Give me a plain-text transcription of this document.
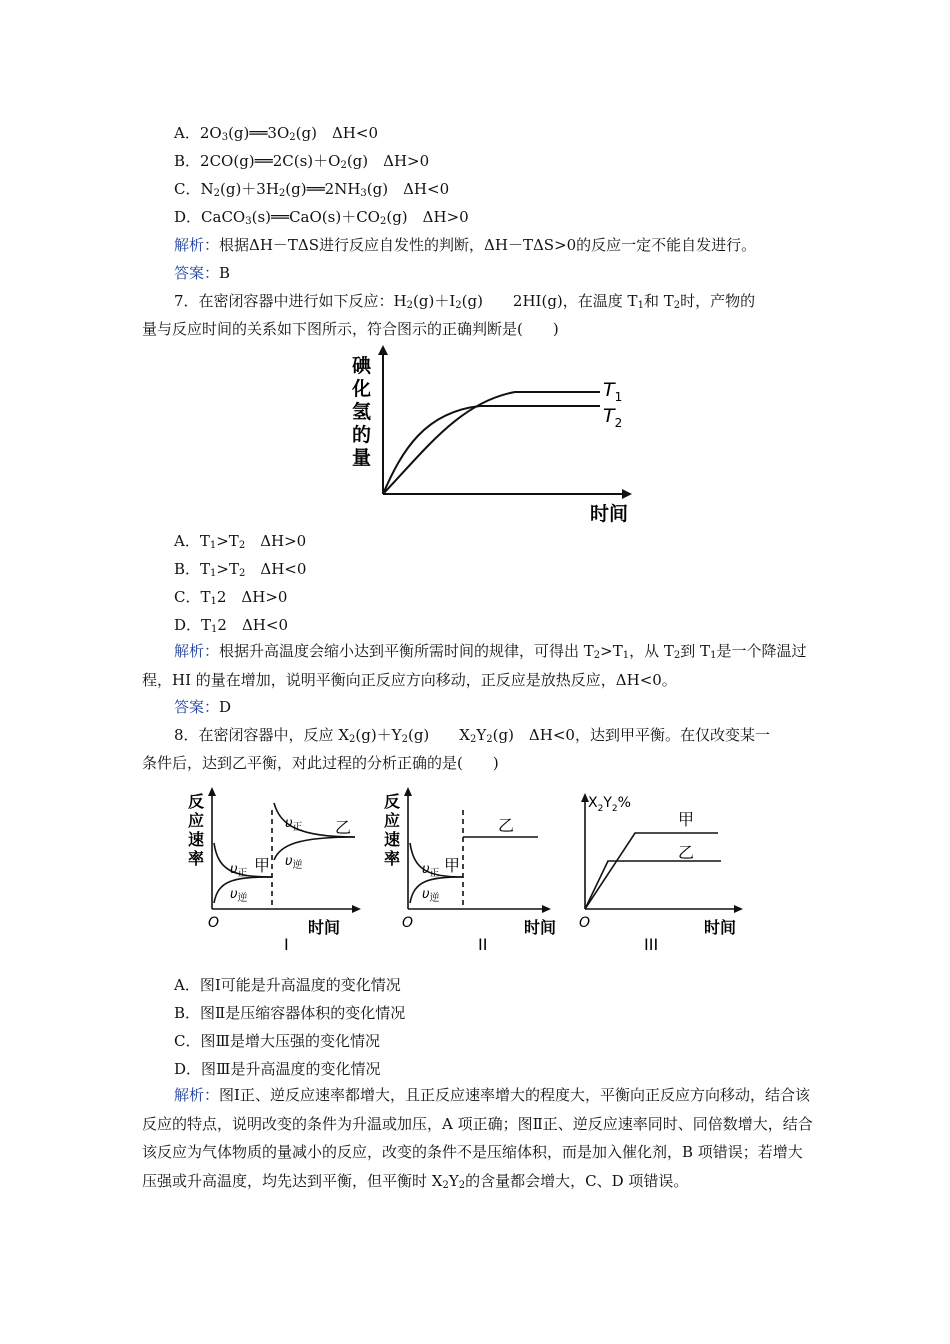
A．$2O_3(g)══3O_2(g)$　ΔH<0
B．$2CO(g)══2C(s)+O_2(g)$　ΔH>0
C．$N_2(g)+3H_2(g)══2NH_3(g)$　ΔH<0
D．$CaCO_3(s)══CaO(s)+CO_2(g)$　ΔH>0
解析：根据ΔH－TΔS进行反应自发性的判断，ΔH－TΔS>0的反应一定不能自发进行。
答案：B
7．在密闭容器中进行如下反应：$H_2(g)+I_2(g)$　　2HI(g)，在温度 $T_1$和 $T_2$时，产物的
量与反应时间的关系如下图所示，符合图示的正确判断是(　　)
碘
化
氢
的
量
时间
$T_1$
$T_2$
A．$T_1>T_2$　ΔH>0
B．$T_1>T_2$　ΔH<0
C．$T_12$　ΔH>0
D．$T_12$　ΔH<0
解析：根据升高温度会缩小达到平衡所需时间的规律，可得出 $T_2>T_1$，从 $T_2$到 $T_1$是一个降温过程，HI 的量在增加，说明平衡向正反应方向移动，正反应是放热反应，ΔH<0。
答案：D
8．在密闭容器中，反应 $X_2(g)+Y_2(g)$　　$X_2Y_2(g)$　ΔH<0，达到甲平衡。在仅改变某一
条件后，达到乙平衡，对此过程的分析正确的是(　　)
反
应
速
率
$\upsilon_正$ 甲
$\upsilon_逆$
$\upsilon_正$
$\upsilon_逆$
乙
O	时间
I
反
应
速
率
$\upsilon_正$ 甲
$\upsilon_逆$
乙
O	时间
II
$X_2Y_2\%$
甲
乙
O	时间
III
A．图Ⅰ可能是升高温度的变化情况
B．图Ⅱ是压缩容器体积的变化情况
C．图Ⅲ是增大压强的变化情况
D．图Ⅲ是升高温度的变化情况
解析：图Ⅰ正、逆反应速率都增大，且正反应速率增大的程度大，平衡向正反应方向移动，结合该反应的特点，说明改变的条件为升温或加压，A 项正确；图Ⅱ正、逆反应速率同时、同倍数增大，结合该反应为气体物质的量减小的反应，改变的条件不是压缩体积，而是加入催化剂，B 项错误；若增大压强或升高温度，均先达到平衡，但平衡时 $X_2Y_2$的含量都会增大，C、D 项错误。
